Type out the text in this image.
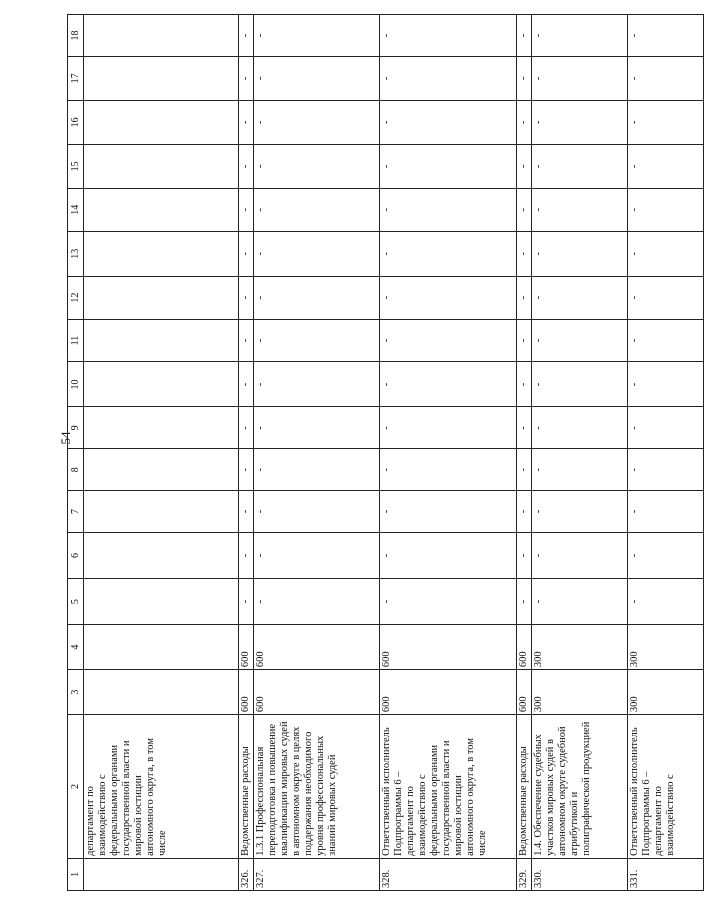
54
1	2	3	4	5	6	7	8	9	10	11	12	13	14	15	16	17	18
	департамент по взаимодействию с федеральными органами государственной власти и мировой юстиции автономного округа, в том числе																
326.	Ведомственные расходы	600	600	-	-	-	-	-	-	-	-	-	-	-	-	-	-
327.	1.3.1 Профессиональная переподготовка и повышение квалификации мировых судей в автономном округе в целях поддержания необходимого уровня профессиональных знаний мировых судей	600	600	-	-	-	-	-	-	-	-	-	-	-	-	-	-
328.	Ответственный исполнитель Подпрограммы 6 – департамент по взаимодействию с федеральными органами государственной власти и мировой юстиции автономного округа, в том числе	600	600	-	-	-	-	-	-	-	-	-	-	-	-	-	-
329.	Ведомственные расходы	600	600	-	-	-	-	-	-	-	-	-	-	-	-	-	-
330.	1.4. Обеспечение судебных участков мировых судей в автономном округе судебной атрибутикой и полиграфической продукцией	300	300	-	-	-	-	-	-	-	-	-	-	-	-	-	-
331.	Ответственный исполнитель Подпрограммы 6 – департамент по взаимодействию с	300	300	-	-	-	-	-	-	-	-	-	-	-	-	-	-
